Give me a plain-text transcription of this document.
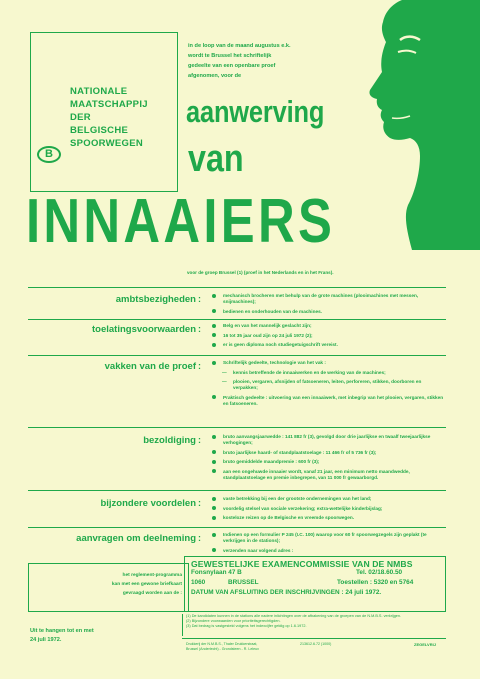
NATIONALE
MAATSCHAPPIJ
DER
BELGISCHE
SPOORWEGEN
B
in de loop van de maand augustus e.k.
wordt te Brussel het schriftelijk
gedeelte van een openbare proef
afgenomen, voor de
aanwerving
van
INNAAIERS
voor de groep Brussel (1) (proef in het Nederlands en in het Frans).
ambtsbezigheden :	mechanisch brocheren met behulp van de grote machines (plooimachines met messen, snijmachines);
bedienen en onderhouden van de machines.
toelatingsvoorwaarden :	Belg en van het mannelijk geslacht zijn;
16 tot 35 jaar oud zijn op 24 juli 1972 (2);
er is geen diploma noch studiegetuigschrift vereist.
vakken van de proef :	Schriftelijk gedeelte, technologie van het vak :
— kennis betreffende de innaaiwerken en de werking van de machines;
— plooien, vergaren, afsnijden of fatsoeneren, leiten, perforeren, stikken, doorboren en verpakken;
Praktisch gedeelte : uitvoering van een innaaiwerk, met inbegrip van het plooien, vergaren, stikken en fatsoeneren.
bezoldiging :	bruto aanvangsjaarwedde : 141 882 fr (3), gevolgd door drie jaarlijkse en twaalf tweejaarlijkse verhogingen;
bruto jaarlijkse haard- of standplaatstoelage : 11 466 fr of 5 736 fr (3);
bruto gemiddelde maandpremie : 600 fr (3);
aan een ongehuwde innaaier wordt, vanaf 21 jaar, een minimum netto maandwedde, standplaatstoelage en premie inbegrepen, van 11 000 fr gewaarborgd.
bijzondere voordelen :	vaste betrekking bij een der grootste ondernemingen van het land;
voordelig stelsel van sociale verzekering; extra-wettelijke kinderbijslag;
kosteloze reizen op de Belgische en vreemde spoorwegen.
aanvragen om deelneming :	Indienen op een formulier P 245 (I.C. 100) waarop voor 60 fr spoorwegzegels zijn geplakt (te verkrijgen in de stations);
verzenden naar volgend adres :
het reglement-programma
kan met een gewone briefkaart
gevraagd worden aan de :
GEWESTELIJKE EXAMENCOMMISSIE VAN DE NMBS
Fonsnylaan 47 B	Tel. 02/18.60.50
1060	BRUSSEL	Toestellen : 5320 en 5764
DATUM VAN AFSLUITING DER INSCHRIJVINGEN : 24 juli 1972.
Uit te hangen tot en met
24 juli 1972.
(1) De kandidaten kunnen in de stations alle nadere inlichtingen over de afbakening van de groepen van de N.M.B.S. verkrijgen.
(2) Bijzondere voorwaarden voor prioriteitsgerechtigden.
(3) Dat bedrag is vastgesteld volgens het indexcijfer geldig op 1.6.1972.
Drukkerij der N.M.B.S., Thaler Drukkerstraat,
Brussel (Anderlecht) - Grondsteen - R. Leleux
213612.6.72 (1000)	ZEGELVRIJ
